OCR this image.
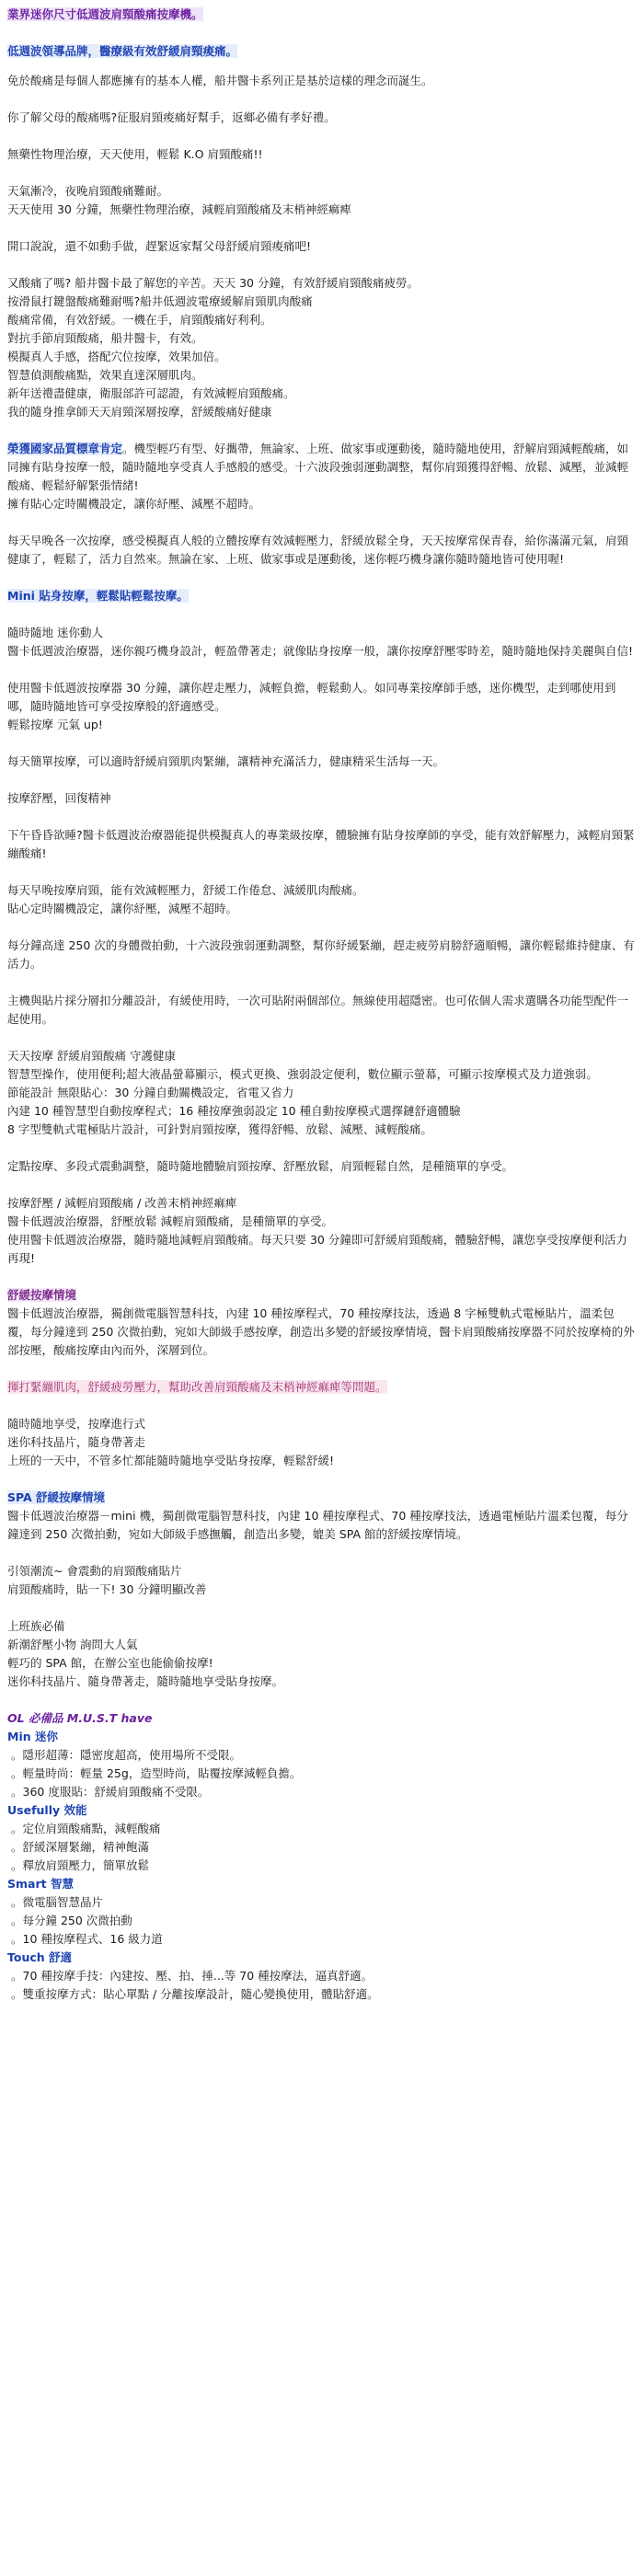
業界迷你尺寸低週波肩頸酸痛按摩機。

低週波領導品牌，醫療級有效舒緩肩頸痠痛。

免於酸痛是每個人都應擁有的基本人權，船井醫卡系列正是基於這樣的理念而誕生。

你了解父母的酸痛嗎?征服肩頸痠痛好幫手，返鄉必備有孝好禮。

無藥性物理治療，天天使用，輕鬆 K.O 肩頸酸痛!!

天氣漸冷，夜晚肩頸酸痛難耐。

天天使用 30 分鐘，無藥性物理治療，減輕肩頸酸痛及末梢神經痲痺

開口說說，還不如動手做，趕緊返家幫父母舒緩肩頸痠痛吧!

又酸痛了嗎? 船井醫卡最了解您的辛苦。天天 30 分鐘，有效舒緩肩頸酸痛疲勞。

按滑鼠打鍵盤酸痛難耐嗎?船井低週波電療緩解肩頸肌肉酸痛

酸痛常備，有效舒緩。一機在手，肩頸酸痛好利利。

對抗手節肩頸酸痛，船井醫卡，有效。

模擬真人手感，搭配穴位按摩，效果加倍。

智慧偵測酸痛點，效果直達深層肌肉。

新年送禮盡健康，衛服部許可認證，有效減輕肩頸酸痛。

我的隨身推拿師天天肩頸深層按摩，舒緩酸痛好健康

榮獲國家品質標章肯定。機型輕巧有型、好攜帶，無論家、上班、做家事或運動後，隨時隨地使用，舒解肩頸減輕酸痛，如同擁有貼身按摩一般，隨時隨地享受真人手感般的感受。十六波段強弱運動調整，幫你肩頸獲得舒暢、放鬆、減壓，並減輕酸痛、輕鬆紓解緊張情緒!

擁有貼心定時關機設定，讓你紓壓、減壓不超時。

每天早晚各一次按摩，感受模擬真人般的立體按摩有效減輕壓力，舒緩放鬆全身，天天按摩常保青春，給你滿滿元氣，肩頸健康了，輕鬆了，活力自然來。無論在家、上班、做家事或是運動後，迷你輕巧機身讓你隨時隨地皆可使用喔!

Mini 貼身按摩，輕鬆貼輕鬆按摩。

隨時隨地 迷你動人

醫卡低週波治療器，迷你親巧機身設計，輕盈帶著走；就像貼身按摩一般，讓你按摩舒壓零時差，隨時隨地保持美麗與自信!

使用醫卡低週波按摩器 30 分鐘，讓你趕走壓力，減輕負擔，輕鬆動人。如同專業按摩師手感，迷你機型，走到哪使用到哪，隨時隨地皆可享受按摩般的舒適感受。

輕鬆按摩 元氣 up!

每天簡單按摩，可以適時舒緩肩頸肌肉緊繃，讓精神充滿活力，健康精采生活每一天。

按摩舒壓，回復精神

下午昏昏欲睡?醫卡低週波治療器能提供模擬真人的專業級按摩，體驗擁有貼身按摩師的享受，能有效舒解壓力，減輕肩頸緊繃酸痛!

每天早晚按摩肩頸，能有效減輕壓力，舒緩工作倦怠、減緩肌肉酸痛。

貼心定時關機設定，讓你紓壓，減壓不超時。

每分鐘高達 250 次的身體微拍動，十六波段強弱運動調整，幫你紓緩緊繃，趕走疲勞肩膀舒適順暢，讓你輕鬆維持健康、有活力。

主機與貼片採分層扣分離設計，有緩使用時，一次可貼附兩個部位。無線使用超隱密。也可依個人需求選購各功能型配件一起使用。

天天按摩 舒緩肩頸酸痛 守護健康

智慧型操作，使用便利;超大液晶螢幕顯示，模式更換、強弱設定便利，數位顯示螢幕，可顯示按摩模式及力道強弱。

節能設計 無限貼心：30 分鐘自動關機設定，省電又省力

內建 10 種智慧型自動按摩程式；16 種按摩強弱設定 10 種自動按摩模式選擇鏈舒適體驗

8 字型雙軌式電極貼片設計，可針對肩頸按摩，獲得舒暢、放鬆、減壓、減輕酸痛。

定點按摩、多段式震動調整，隨時隨地體驗肩頸按摩、舒壓放鬆，肩頸輕鬆自然，是種簡單的享受。

按摩舒壓 / 減輕肩頸酸痛 / 改善末梢神經痲痺

醫卡低週波治療器，舒壓放鬆 減輕肩頸酸痛，是種簡單的享受。

使用醫卡低週波治療器，隨時隨地減輕肩頸酸痛。每天只要 30 分鐘即可舒緩肩頸酸痛，體驗舒暢，讓您享受按摩便利活力再現!

舒緩按摩情境

醫卡低週波治療器，獨創微電腦智慧科技，內建 10 種按摩程式，70 種按摩技法，透過 8 字極雙軌式電極貼片，溫柔包覆，每分鐘達到 250 次微拍動，宛如大師級手感按摩，創造出多變的舒緩按摩情境，醫卡肩頸酸痛按摩器不同於按摩椅的外部按壓，酸痛按摩由內而外，深層到位。

揮打緊繃肌肉，舒緩疲勞壓力，幫助改善肩頸酸痛及末梢神經痲痺等問題。

隨時隨地享受，按摩進行式

迷你科技晶片，隨身帶著走

上班的一天中，不管多忙都能隨時隨地享受貼身按摩，輕鬆舒緩!

SPA 舒緩按摩情境

醫卡低週波治療器－mini 機，獨創微電腦智慧科技，內建 10 種按摩程式、70 種按摩技法，透過電極貼片溫柔包覆，每分鐘達到 250 次微拍動，宛如大師級手感撫觸，創造出多變，媲美 SPA 館的舒緩按摩情境。

引領潮流~ 會震動的肩頸酸痛貼片

肩頸酸痛時，貼一下! 30 分鐘明顯改善

上班族必備

新潮舒壓小物 詢問大人氣

輕巧的 SPA 館，在辦公室也能偷偷按摩!

迷你科技晶片、隨身帶著走，隨時隨地享受貼身按摩。

OL 必備品 M.U.S.T have

Min 迷你

。隱形超薄：隱密度超高，使用場所不受限。

。輕量時尚：輕量 25g，造型時尚，貼覆按摩減輕負擔。

。360 度服貼：舒緩肩頸酸痛不受限。

Usefully 效能

。定位肩頸酸痛點，減輕酸痛

。舒緩深層緊繃，精神飽滿

。釋放肩頸壓力，簡單放鬆

Smart 智慧

。微電腦智慧晶片

。每分鐘 250 次微拍動

。10 種按摩程式、16 級力道

Touch 舒適

。70 種按摩手技：內建按、壓、拍、捶...等 70 種按摩法，逼真舒適。

。雙重按摩方式：貼心單點 / 分離按摩設計，隨心變換使用，體貼舒適。
